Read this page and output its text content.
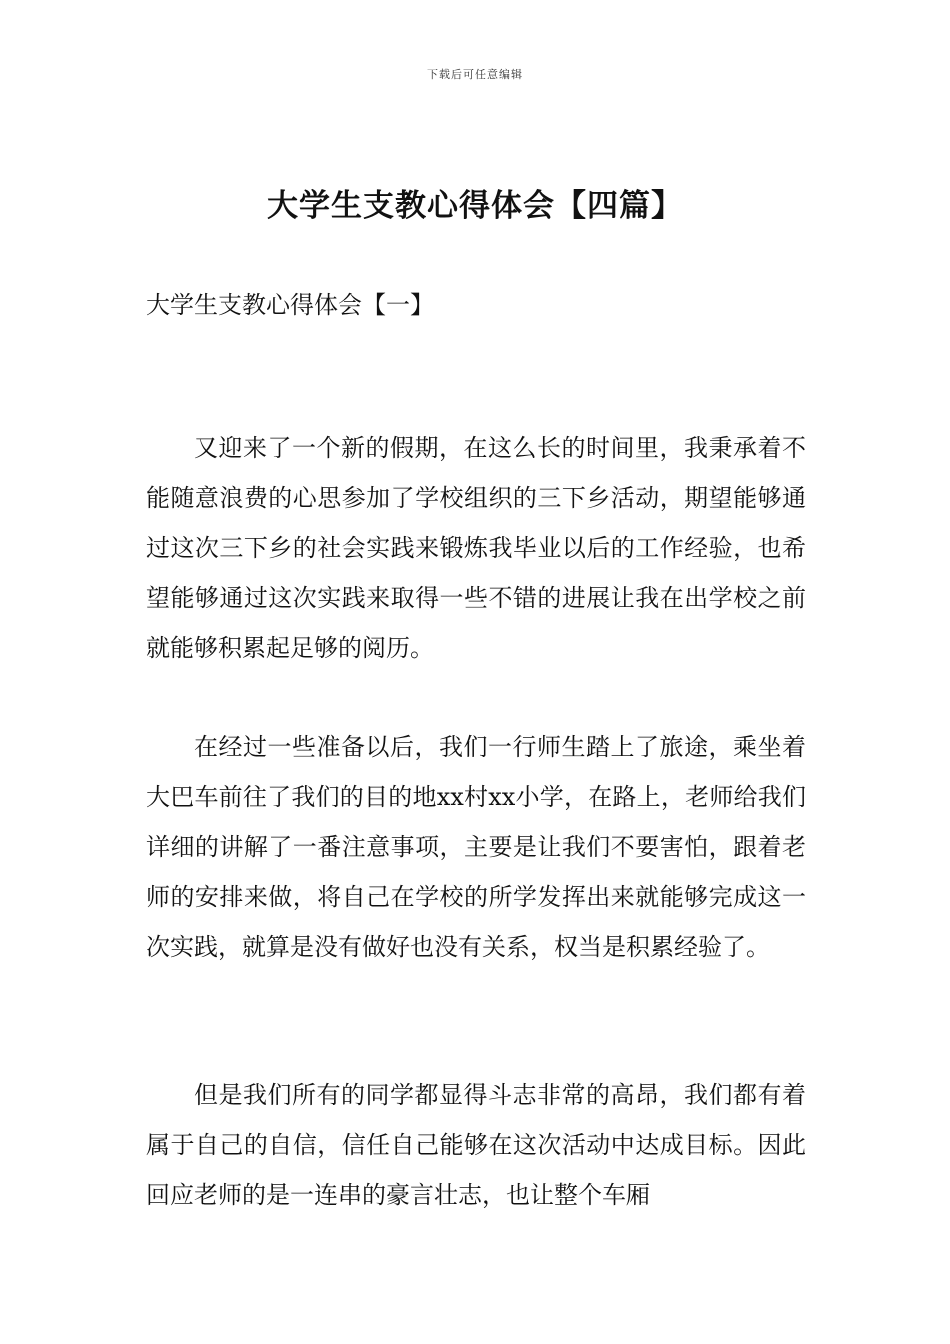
下载后可任意编辑
大学生支教心得体会【四篇】
大学生支教心得体会【一】

又迎来了一个新的假期，在这么长的时间里，我秉承着不能随意浪费的心思参加了学校组织的三下乡活动，期望能够通过这次三下乡的社会实践来锻炼我毕业以后的工作经验，也希望能够通过这次实践来取得一些不错的进展让我在出学校之前就能够积累起足够的阅历。

在经过一些准备以后，我们一行师生踏上了旅途，乘坐着大巴车前往了我们的目的地xx村xx小学，在路上，老师给我们详细的讲解了一番注意事项，主要是让我们不要害怕，跟着老师的安排来做，将自己在学校的所学发挥出来就能够完成这一次实践，就算是没有做好也没有关系，权当是积累经验了。

但是我们所有的同学都显得斗志非常的高昂，我们都有着属于自己的自信，信任自己能够在这次活动中达成目标。因此回应老师的是一连串的豪言壮志，也让整个车厢
